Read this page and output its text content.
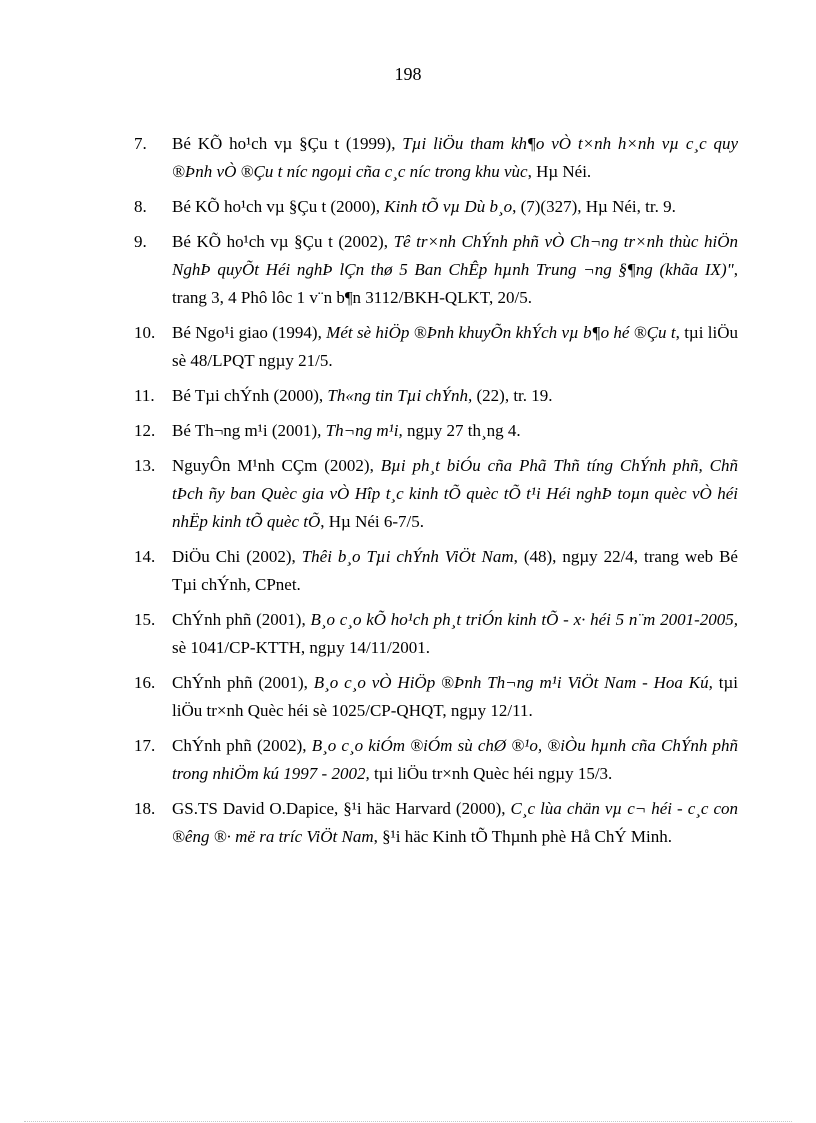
198
7. Bé KÕ ho¹ch vµ §Çu t (1999), Tµi liÖu tham kh¶o vÒ t×nh h×nh vµ c¸c quy ®Þnh vÒ ®Çu t níc ngoµi cña c¸c níc trong khu vùc, Hµ Néi.
8. Bé KÕ ho¹ch vµ §Çu t (2000), Kinh tÕ vµ Dù b¸o, (7)(327), Hµ Néi, tr. 9.
9. Bé KÕ ho¹ch vµ §Çu t (2002), Tê tr×nh ChÝnh phñ vÒ Ch¬ng tr×nh thùc hiÖn NghÞ quyÕt Héi nghÞ lÇn thø 5 Ban ChÊp hµnh Trung ¬ng §¶ng (khãa IX)", trang 3, 4 Phô lôc 1 v¨n b¶n 3112/BKH-QLKT, 20/5.
10. Bé Ngo¹i giao (1994), Mét sè hiÖp ®Þnh khuyÕn khÝch vµ b¶o hé ®Çu t, tµi liÖu sè 48/LPQT ngµy 21/5.
11. Bé Tµi chÝnh (2000), Th«ng tin Tµi chÝnh, (22), tr. 19.
12. Bé Th¬ng m¹i (2001), Th¬ng m¹i, ngµy 27 th¸ng 4.
13. NguyÔn M¹nh CÇm (2002), Bµi ph¸t biÓu cña Phã Thñ tíng ChÝnh phñ, Chñ tÞch ñy ban Quèc gia vÒ Hîp t¸c kinh tÕ quèc tÕ t¹i Héi nghÞ toµn quèc vÒ héi nhËp kinh tÕ quèc tÕ, Hµ Néi 6-7/5.
14. DiÖu Chi (2002), Thêi b¸o Tµi chÝnh ViÖt Nam, (48), ngµy 22/4, trang web Bé Tµi chÝnh, CPnet.
15. ChÝnh phñ (2001), B¸o c¸o kÕ ho¹ch ph¸t triÓn kinh tÕ - x· héi 5 n¨m 2001-2005, sè 1041/CP-KTTH, ngµy 14/11/2001.
16. ChÝnh phñ (2001), B¸o c¸o vÒ HiÖp ®Þnh Th¬ng m¹i ViÖt Nam - Hoa Kú, tµi liÖu tr×nh Quèc héi sè 1025/CP-QHQT, ngµy 12/11.
17. ChÝnh phñ (2002), B¸o c¸o kiÓm ®iÓm sù chØ ®¹o, ®iÒu hµnh cña ChÝnh phñ trong nhiÖm kú 1997 - 2002, tµi liÖu tr×nh Quèc héi ngµy 15/3.
18. GS.TS David O.Dapice, §¹i häc Harvard (2000), C¸c lùa chän vµ c¬ héi - c¸c con ®êng ®· më ra tríc ViÖt Nam, §¹i häc Kinh tÕ Thµnh phè Hå ChÝ Minh.
